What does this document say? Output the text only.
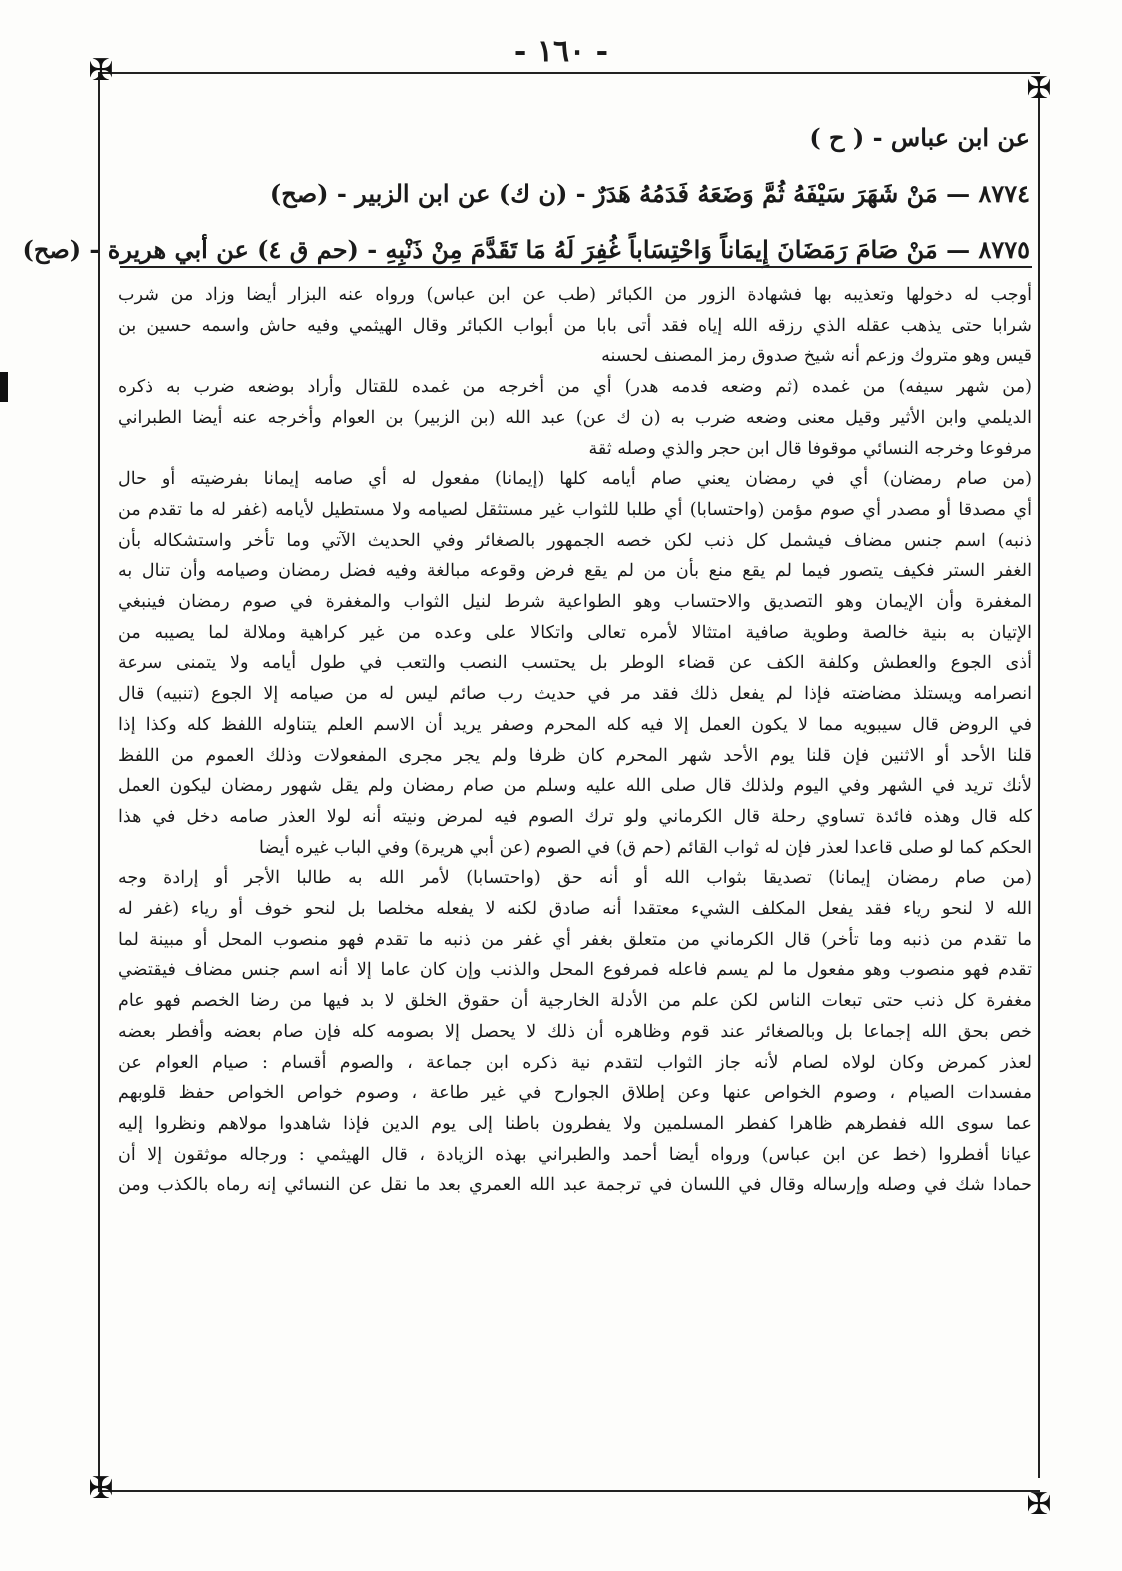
- ١٦٠ -
✠
✠
✠	✠
عن ابن عباس - ( ح )
٨٧٧٤ — مَنْ شَهَرَ سَيْفَهُ ثُمَّ وَضَعَهُ فَدَمُهُ هَدَرٌ - (ن ك) عن ابن الزبير - (صح)
٨٧٧٥ — مَنْ صَامَ رَمَضَانَ إِيمَاناً وَاحْتِسَاباً غُفِرَ لَهُ مَا تَقَدَّمَ مِنْ ذَنْبِهِ - (حم ق ٤) عن أبي هريرة - (صح)
أوجب له دخولها وتعذيبه بها فشهادة الزور من الكبائر (طب عن ابن عباس) ورواه عنه البزار أيضا وزاد من شرب
شرابا حتى يذهب عقله الذي رزقه الله إياه فقد أتى بابا من أبواب الكبائر وقال الهيثمي وفيه حاش واسمه حسين بن
قيس وهو متروك وزعم أنه شيخ صدوق رمز المصنف لحسنه
(من شهر سيفه) من غمده (ثم وضعه فدمه هدر) أي من أخرجه من غمده للقتال وأراد بوضعه ضرب به ذكره
الديلمي وابن الأثير وقيل معنى وضعه ضرب به (ن ك عن) عبد الله (بن الزبير) بن العوام وأخرجه عنه أيضا الطبراني
مرفوعا وخرجه النسائي موقوفا قال ابن حجر والذي وصله ثقة
(من صام رمضان) أي في رمضان يعني صام أيامه كلها (إيمانا) مفعول له أي صامه إيمانا بفرضيته أو حال
أي مصدقا أو مصدر أي صوم مؤمن (واحتسابا) أي طلبا للثواب غير مستثقل لصيامه ولا مستطيل لأيامه (غفر له ما تقدم من
ذنبه) اسم جنس مضاف فيشمل كل ذنب لكن خصه الجمهور بالصغائر وفي الحديث الآتي وما تأخر واستشكاله بأن
الغفر الستر فكيف يتصور فيما لم يقع منع بأن من لم يقع فرض وقوعه مبالغة وفيه فضل رمضان وصيامه وأن تنال به
المغفرة وأن الإيمان وهو التصديق والاحتساب وهو الطواعية شرط لنيل الثواب والمغفرة في صوم رمضان فينبغي
الإتيان به بنية خالصة وطوية صافية امتثالا لأمره تعالى واتكالا على وعده من غير كراهية وملالة لما يصيبه من
أذى الجوع والعطش وكلفة الكف عن قضاء الوطر بل يحتسب النصب والتعب في طول أيامه ولا يتمنى سرعة
انصرامه ويستلذ مضاضته فإذا لم يفعل ذلك فقد مر في حديث رب صائم ليس له من صيامه إلا الجوع (تنبيه) قال
في الروض قال سيبويه مما لا يكون العمل إلا فيه كله المحرم وصفر يريد أن الاسم العلم يتناوله اللفظ كله وكذا إذا
قلنا الأحد أو الاثنين فإن قلنا يوم الأحد شهر المحرم كان ظرفا ولم يجر مجرى المفعولات وذلك العموم من اللفظ
لأنك تريد في الشهر وفي اليوم ولذلك قال صلى الله عليه وسلم من صام رمضان ولم يقل شهور رمضان ليكون العمل
كله قال وهذه فائدة تساوي رحلة قال الكرماني ولو ترك الصوم فيه لمرض ونيته أنه لولا العذر صامه دخل في هذا
الحكم كما لو صلى قاعدا لعذر فإن له ثواب القائم (حم ق) في الصوم (عن أبي هريرة) وفي الباب غيره أيضا
(من صام رمضان إيمانا) تصديقا بثواب الله أو أنه حق (واحتسابا) لأمر الله به طالبا الأجر أو إرادة وجه
الله لا لنحو رياء فقد يفعل المكلف الشيء معتقدا أنه صادق لكنه لا يفعله مخلصا بل لنحو خوف أو رياء (غفر له
ما تقدم من ذنبه وما تأخر) قال الكرماني من متعلق بغفر أي غفر من ذنبه ما تقدم فهو منصوب المحل أو مبينة لما
تقدم فهو منصوب وهو مفعول ما لم يسم فاعله فمرفوع المحل والذنب وإن كان عاما إلا أنه اسم جنس مضاف فيقتضي
مغفرة كل ذنب حتى تبعات الناس لكن علم من الأدلة الخارجية أن حقوق الخلق لا بد فيها من رضا الخصم فهو عام
خص بحق الله إجماعا بل وبالصغائر عند قوم وظاهره أن ذلك لا يحصل إلا بصومه كله فإن صام بعضه وأفطر بعضه
لعذر كمرض وكان لولاه لصام لأنه جاز الثواب لتقدم نية ذكره ابن جماعة ، والصوم أقسام : صيام العوام عن
مفسدات الصيام ، وصوم الخواص عنها وعن إطلاق الجوارح في غير طاعة ، وصوم خواص الخواص حفظ قلوبهم
عما سوى الله ففطرهم ظاهرا كفطر المسلمين ولا يفطرون باطنا إلى يوم الدين فإذا شاهدوا مولاهم ونظروا إليه
عيانا أفطروا (خط عن ابن عباس) ورواه أيضا أحمد والطبراني بهذه الزيادة ، قال الهيثمي : ورجاله موثقون إلا أن
حمادا شك في وصله وإرساله وقال في اللسان في ترجمة عبد الله العمري بعد ما نقل عن النسائي إنه رماه بالكذب ومن
